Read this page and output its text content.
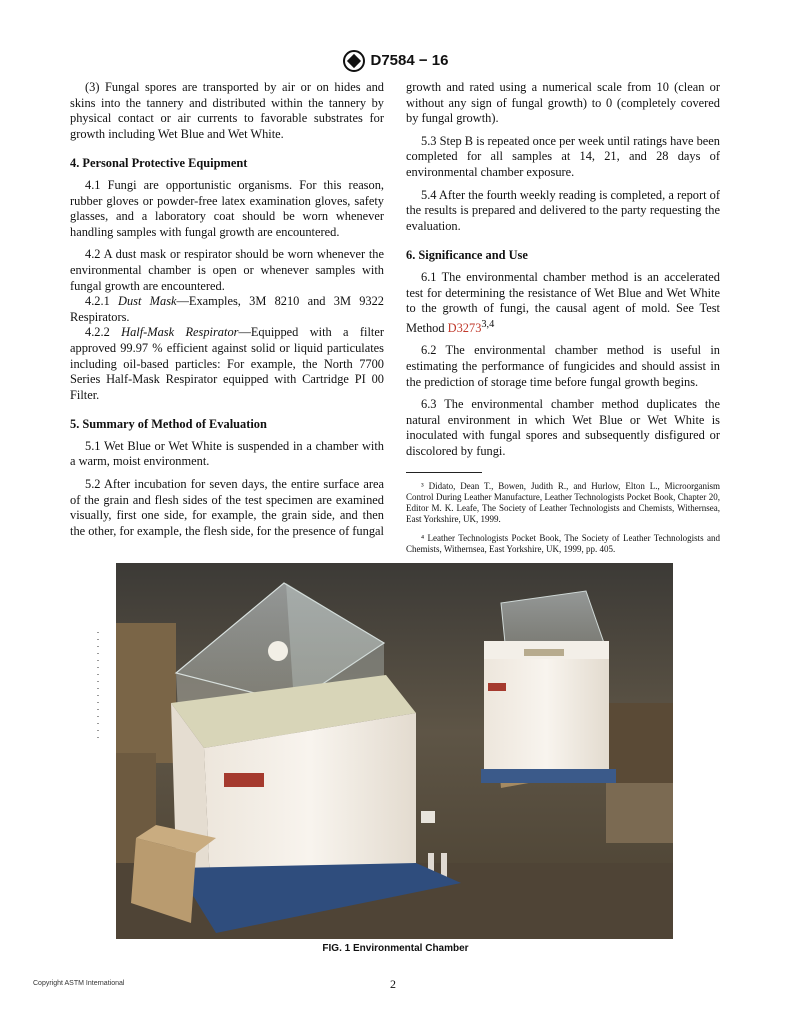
D7584 − 16

(3) Fungal spores are transported by air or on hides and skins into the tannery and distributed within the tannery by physical contact or air currents to favorable substrates for growth including Wet Blue and Wet White.

4. Personal Protective Equipment

4.1 Fungi are opportunistic organisms. For this reason, rubber gloves or powder-free latex examination gloves, safety glasses, and a laboratory coat should be worn whenever handling samples with fungal growth are encountered.

4.2 A dust mask or respirator should be worn whenever the environmental chamber is open or whenever samples with fungal growth are encountered.

4.2.1 Dust Mask—Examples, 3M 8210 and 3M 9322 Respirators.

4.2.2 Half-Mask Respirator—Equipped with a filter approved 99.97 % efficient against solid or liquid particulates including oil-based particles: For example, the North 7700 Series Half-Mask Respirator equipped with Cartridge PI 00 Filter.

5. Summary of Method of Evaluation

5.1 Wet Blue or Wet White is suspended in a chamber with a warm, moist environment.

5.2 After incubation for seven days, the entire surface area of the grain and flesh sides of the test specimen are examined visually, first one side, for example, the grain side, and then the other, for example, the flesh side, for the presence of fungal

growth and rated using a numerical scale from 10 (clean or without any sign of fungal growth) to 0 (completely covered by fungal growth).

5.3 Step B is repeated once per week until ratings have been completed for all samples at 14, 21, and 28 days of environmental chamber exposure.

5.4 After the fourth weekly reading is completed, a report of the results is prepared and delivered to the party requesting the evaluation.

6. Significance and Use

6.1 The environmental chamber method is an accelerated test for determining the resistance of Wet Blue and Wet White to the growth of fungi, the causal agent of mold. See Test Method D3273$^{3,4}$

6.2 The environmental chamber method is useful in estimating the performance of fungicides and should assist in the prediction of storage time before fungal growth begins.

6.3 The environmental chamber method duplicates the natural environment in which Wet Blue or Wet White is inoculated with fungal spores and subsequently disfigured or discolored by fungi.

³ Didato, Dean T., Bowen, Judith R., and Hurlow, Elton L., Microorganism Control During Leather Manufacture, Leather Technologists Pocket Book, Chapter 20, Editor M. K. Leafe, The Society of Leather Technologists and Chemists, Withernsea, East Yorkshire, UK, 1999.

⁴ Leather Technologists Pocket Book, The Society of Leather Technologists and Chemists, Withernsea, East Yorkshire, UK, 1999, pp. 405.

FIG. 1 Environmental Chamber
Copyright ASTM International	2
